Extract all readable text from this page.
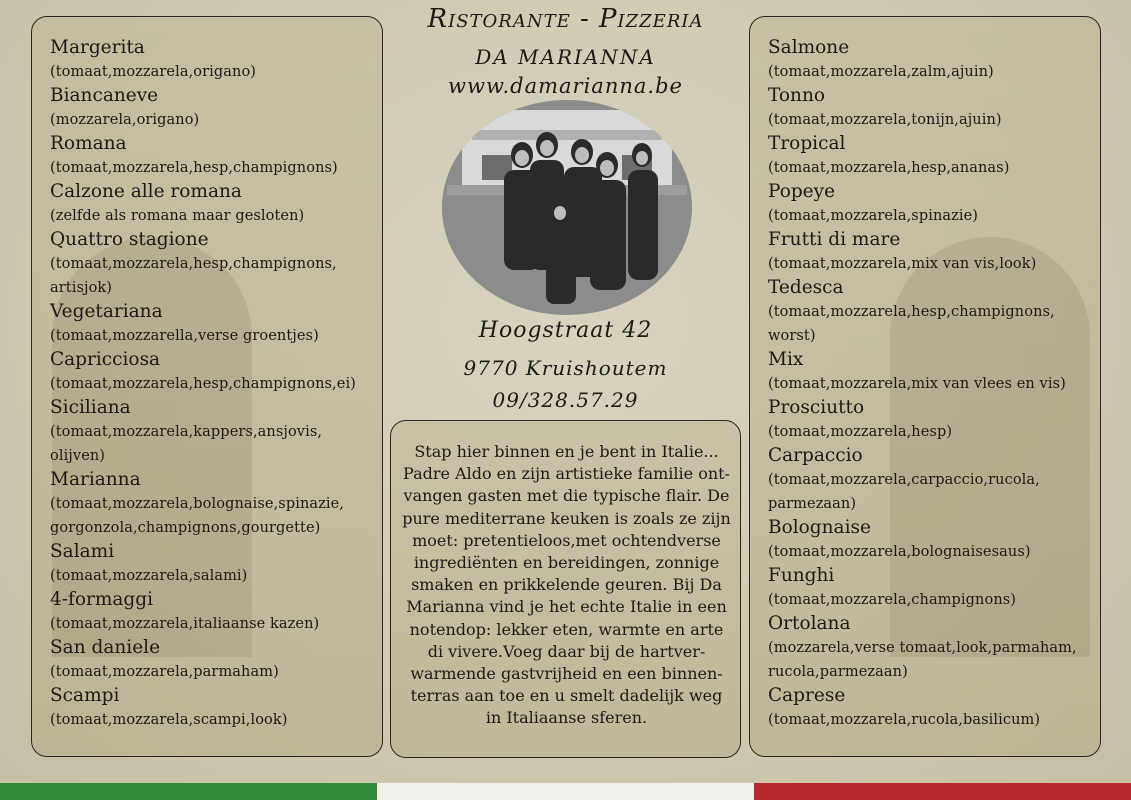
Margerita
(tomaat,mozzarela,origano)
Biancaneve
(mozzarela,origano)
Romana
(tomaat,mozzarela,hesp,champignons)
Calzone alle romana
(zelfde als romana maar gesloten)
Quattro stagione
(tomaat,mozzarela,hesp,champignons, artisjok)
Vegetariana
(tomaat,mozzarella,verse groentjes)
Capricciosa
(tomaat,mozzarela,hesp,champignons,ei)
Siciliana
(tomaat,mozzarela,kappers,ansjovis, olijven)
Marianna
(tomaat,mozzarela,bolognaise,spinazie, gorgonzola,champignons,gourgette)
Salami
(tomaat,mozzarela,salami)
4-formaggi
(tomaat,mozzarela,italiaanse kazen)
San daniele
(tomaat,mozzarela,parmaham)
Scampi
(tomaat,mozzarela,scampi,look)
Ristorante - Pizzeria
DA MARIANNA
www.damarianna.be
Hoogstraat 42
9770 Kruishoutem
09/328.57.29
Stap hier binnen en je bent in Italie... Padre Aldo en zijn artistieke familie ont-vangen gasten met die typische flair. De pure mediterrane keuken is zoals ze zijn moet: pretentieloos,met ochtendverse ingrediënten en bereidingen, zonnige smaken en prikkelende geuren. Bij Da Marianna vind je het echte Italie in een notendop: lekker eten, warmte en arte di vivere.Voeg daar bij de hartver-warmende gastvrijheid en een binnen-terras aan toe en u smelt dadelijk weg in Italiaanse sferen.
Salmone
(tomaat,mozzarela,zalm,ajuin)
Tonno
(tomaat,mozzarela,tonijn,ajuin)
Tropical
(tomaat,mozzarela,hesp,ananas)
Popeye
(tomaat,mozzarela,spinazie)
Frutti di mare
(tomaat,mozzarela,mix van vis,look)
Tedesca
(tomaat,mozzarela,hesp,champignons, worst)
Mix
(tomaat,mozzarela,mix van vlees en vis)
Prosciutto
(tomaat,mozzarela,hesp)
Carpaccio
(tomaat,mozzarela,carpaccio,rucola, parmezaan)
Bolognaise
(tomaat,mozzarela,bolognaisesaus)
Funghi
(tomaat,mozzarela,champignons)
Ortolana
(mozzarela,verse tomaat,look,parmaham, rucola,parmezaan)
Caprese
(tomaat,mozzarela,rucola,basilicum)
